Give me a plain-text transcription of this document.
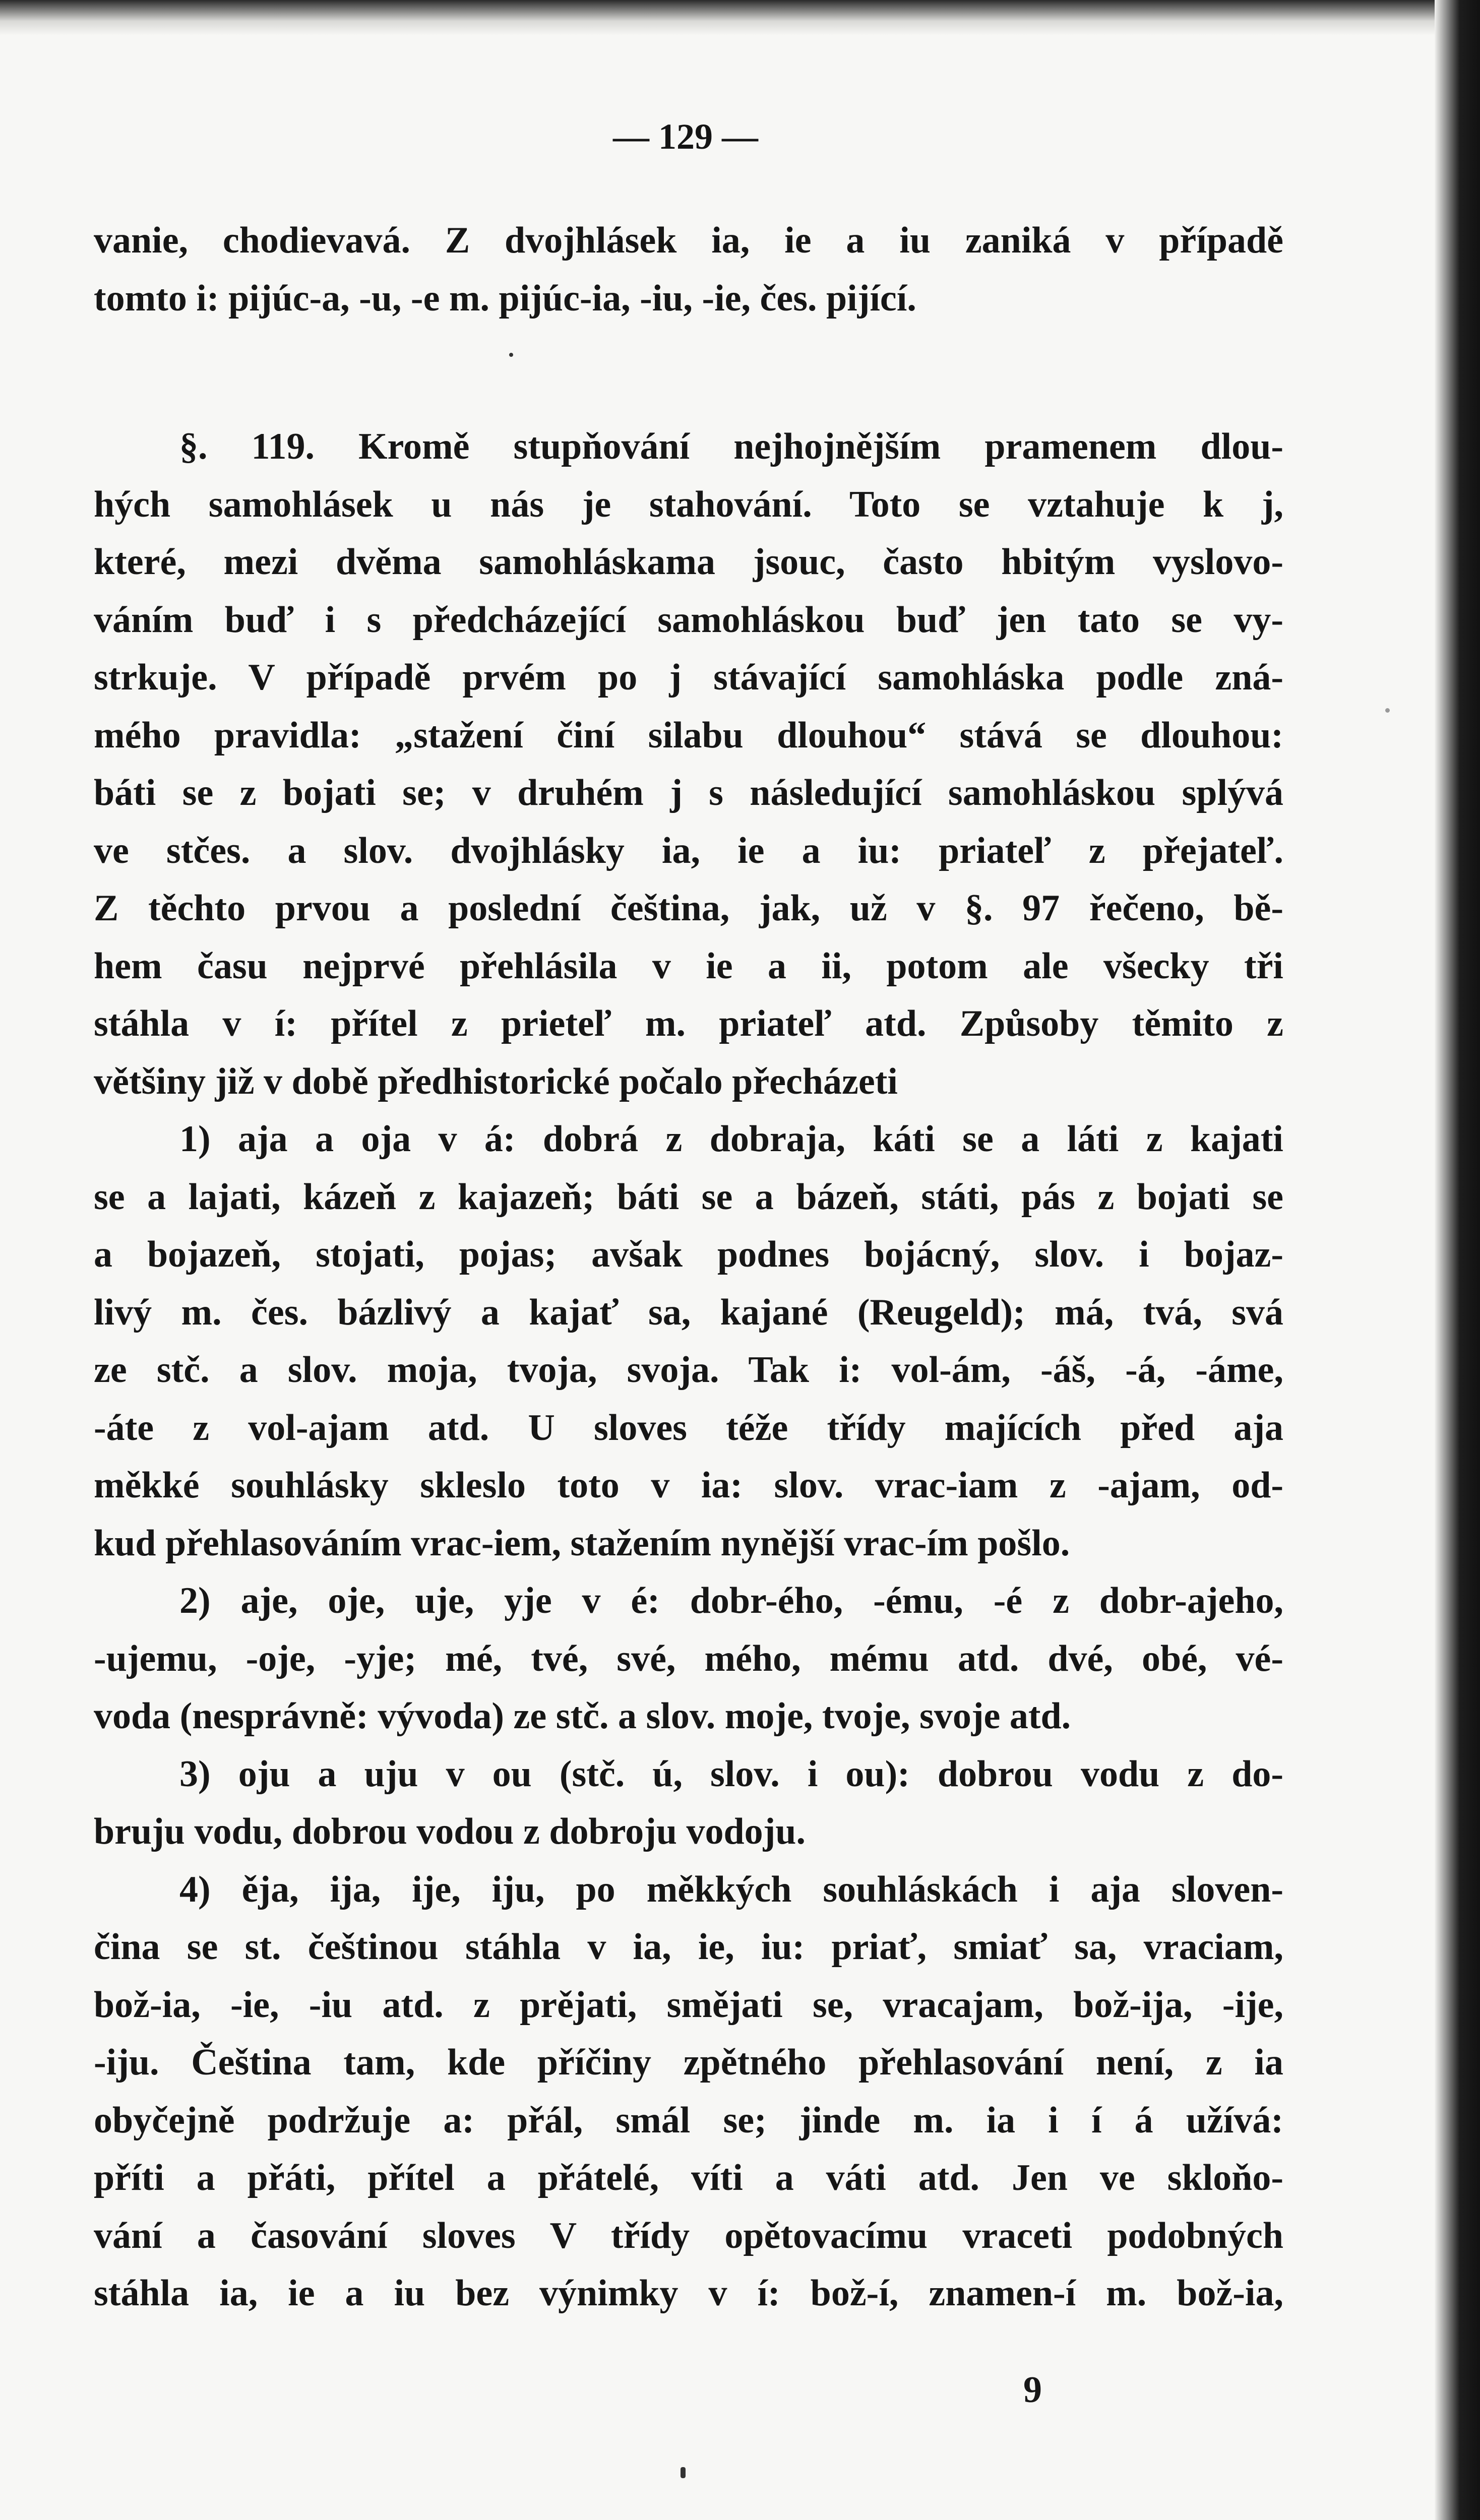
— 129 —
vanie, chodievavá. Z dvojhlásek ia, ie a iu zaniká v případě
tomto i: pijúc-a, -u, -e m. pijúc-ia, -iu, -ie, čes. pijící.
§. 119. Kromě stupňování nejhojnějším pramenem dlou-
hých samohlásek u nás je stahování. Toto se vztahuje k j,
které, mezi dvěma samohláskama jsouc, často hbitým vyslovo-
váním buď i s předcházející samohláskou buď jen tato se vy-
strkuje. V případě prvém po j stávající samohláska podle zná-
mého pravidla: „stažení činí silabu dlouhou“ stává se dlouhou:
báti se z bojati se; v druhém j s následující samohláskou splývá
ve stčes. a slov. dvojhlásky ia, ie a iu: priateľ z přejateľ.
Z těchto prvou a poslední čeština, jak, už v §. 97 řečeno, bě-
hem času nejprvé přehlásila v ie a ii, potom ale všecky tři
stáhla v í: přítel z prieteľ m. priateľ atd. Způsoby těmito z
většiny již v době předhistorické počalo přecházeti
1) aja a oja v á: dobrá z dobraja, káti se a láti z kajati
se a lajati, kázeň z kajazeň; báti se a bázeň, státi, pás z bojati se
a bojazeň, stojati, pojas; avšak podnes bojácný, slov. i bojaz-
livý m. čes. bázlivý a kajať sa, kajané (Reugeld); má, tvá, svá
ze stč. a slov. moja, tvoja, svoja. Tak i: vol-ám, -áš, -á, -áme,
-áte z vol-ajam atd. U sloves téže třídy majících před aja
měkké souhlásky skleslo toto v ia: slov. vrac-iam z -ajam, od-
kud přehlasováním vrac-iem, stažením nynější vrac-ím pošlo.
2) aje, oje, uje, yje v é: dobr-ého, -ému, -é z dobr-ajeho,
-ujemu, -oje, -yje; mé, tvé, své, mého, mému atd. dvé, obé, vé-
voda (nesprávně: vývoda) ze stč. a slov. moje, tvoje, svoje atd.
3) oju a uju v ou (stč. ú, slov. i ou): dobrou vodu z do-
bruju vodu, dobrou vodou z dobroju vodoju.
4) ěja, ija, ije, iju, po měkkých souhláskách i aja sloven-
čina se st. češtinou stáhla v ia, ie, iu: priať, smiať sa, vraciam,
bož-ia, -ie, -iu atd. z prějati, smějati se, vracajam, bož-ija, -ije,
-iju. Čeština tam, kde příčiny zpětného přehlasování není, z ia
obyčejně podržuje a: přál, smál se; jinde m. ia i í á užívá:
příti a přáti, přítel a přátelé, víti a váti atd. Jen ve skloňo-
vání a časování sloves V třídy opětovacímu vraceti podobných
stáhla ia, ie a iu bez výnimky v í: bož-í, znamen-í m. bož-ia,
9
